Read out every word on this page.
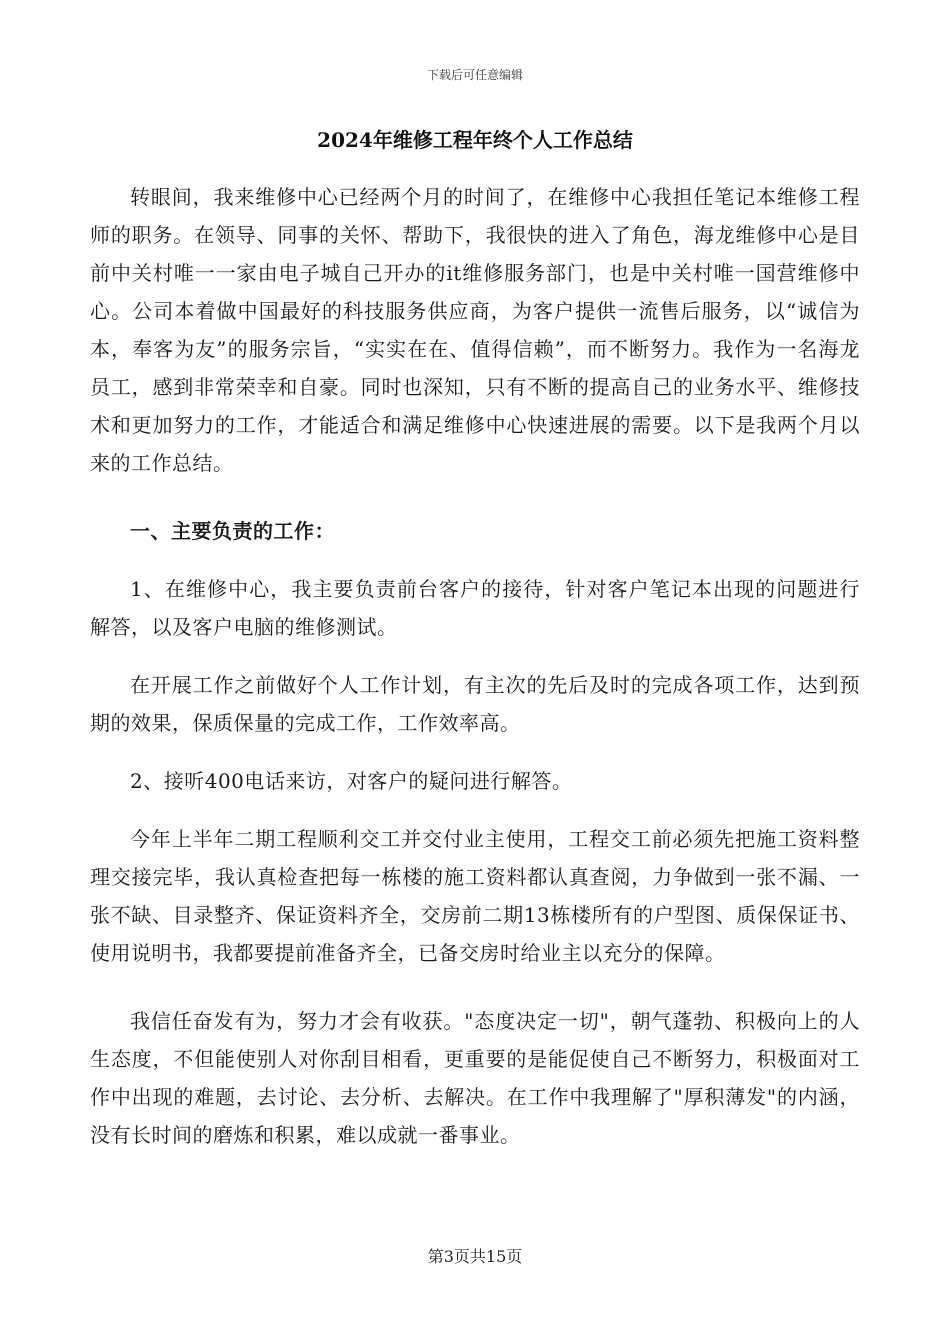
下载后可任意编辑
2024年维修工程年终个人工作总结

转眼间，我来维修中心已经两个月的时间了，在维修中心我担任笔记本维修工程师的职务。在领导、同事的关怀、帮助下，我很快的进入了角色，海龙维修中心是目前中关村唯一一家由电子城自己开办的it维修服务部门，也是中关村唯一国营维修中心。公司本着做中国最好的科技服务供应商，为客户提供一流售后服务，以“诚信为本，奉客为友”的服务宗旨，“实实在在、值得信赖”，而不断努力。我作为一名海龙员工，感到非常荣幸和自豪。同时也深知，只有不断的提高自己的业务水平、维修技术和更加努力的工作，才能适合和满足维修中心快速进展的需要。以下是我两个月以来的工作总结。

一、主要负责的工作：

1、在维修中心，我主要负责前台客户的接待，针对客户笔记本出现的问题进行解答，以及客户电脑的维修测试。

在开展工作之前做好个人工作计划，有主次的先后及时的完成各项工作，达到预期的效果，保质保量的完成工作，工作效率高。

2、接听400电话来访，对客户的疑问进行解答。

今年上半年二期工程顺利交工并交付业主使用，工程交工前必须先把施工资料整理交接完毕，我认真检查把每一栋楼的施工资料都认真查阅，力争做到一张不漏、一张不缺、目录整齐、保证资料齐全，交房前二期13栋楼所有的户型图、质保保证书、使用说明书，我都要提前准备齐全，已备交房时给业主以充分的保障。

我信任奋发有为，努力才会有收获。"态度决定一切"，朝气蓬勃、积极向上的人生态度，不但能使别人对你刮目相看，更重要的是能促使自己不断努力，积极面对工作中出现的难题，去讨论、去分析、去解决。在工作中我理解了"厚积薄发"的内涵，没有长时间的磨炼和积累，难以成就一番事业。

第3页共15页
